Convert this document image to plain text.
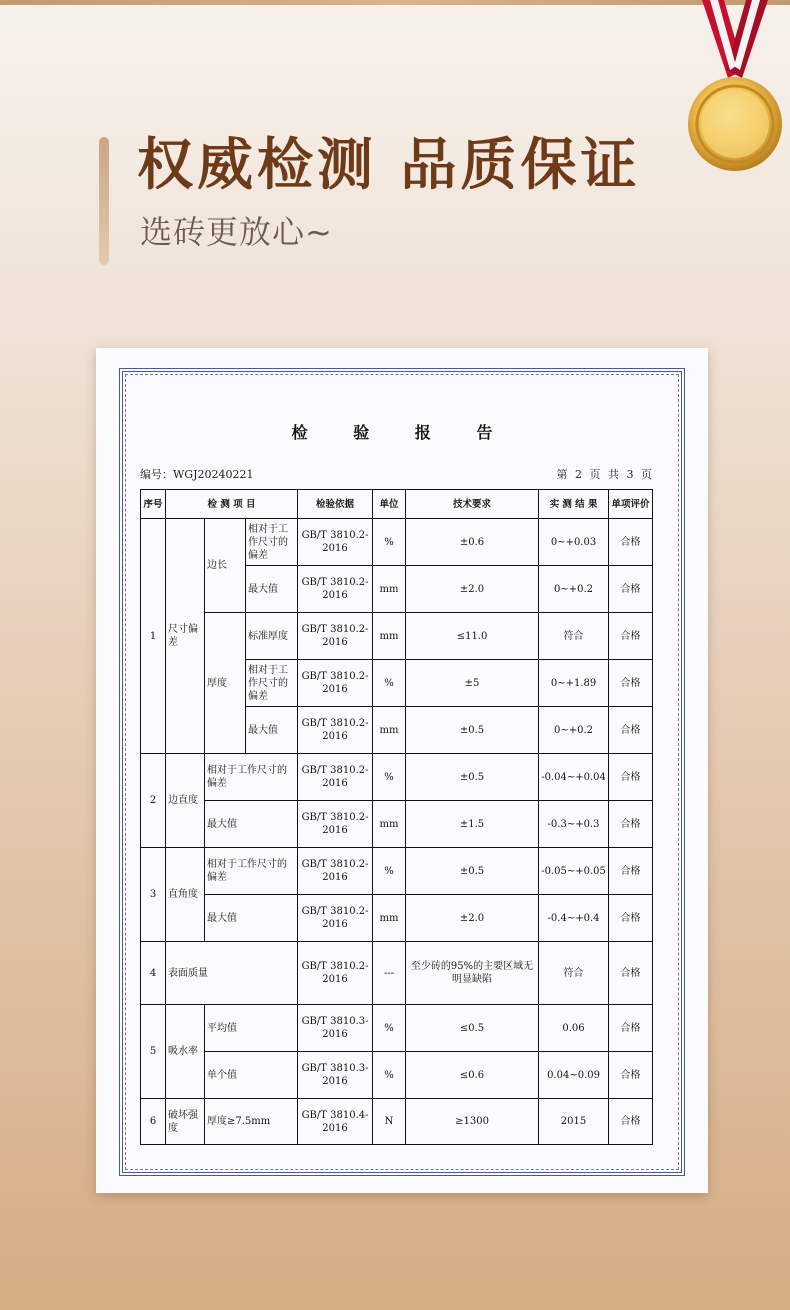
权威检测 品质保证
选砖更放心~
检 验 报 告
编号：WGJ20240221	第 2 页 共 3 页
序号	检 测 项 目			检验依据	单位	技术要求	实 测 结 果	单项评价
1	尺寸偏差	边长	相对于工作尺寸的偏差	GB/T 3810.2-2016	%	±0.6	0~+0.03	合格
			最大值	GB/T 3810.2-2016	mm	±2.0	0~+0.2	合格
		厚度	标准厚度	GB/T 3810.2-2016	mm	≤11.0	符合	合格
			相对于工作尺寸的偏差	GB/T 3810.2-2016	%	±5	0~+1.89	合格
			最大值	GB/T 3810.2-2016	mm	±0.5	0~+0.2	合格
2	边直度	相对于工作尺寸的偏差		GB/T 3810.2-2016	%	±0.5	-0.04~+0.04	合格
		最大值		GB/T 3810.2-2016	mm	±1.5	-0.3~+0.3	合格
3	直角度	相对于工作尺寸的偏差		GB/T 3810.2-2016	%	±0.5	-0.05~+0.05	合格
		最大值		GB/T 3810.2-2016	mm	±2.0	-0.4~+0.4	合格
4	表面质量			GB/T 3810.2-2016	---	至少砖的95%的主要区域无明显缺陷	符合	合格
5	吸水率	平均值		GB/T 3810.3-2016	%	≤0.5	0.06	合格
		单个值		GB/T 3810.3-2016	%	≤0.6	0.04~0.09	合格
6	破坏强度	厚度≥7.5mm		GB/T 3810.4-2016	N	≥1300	2015	合格
